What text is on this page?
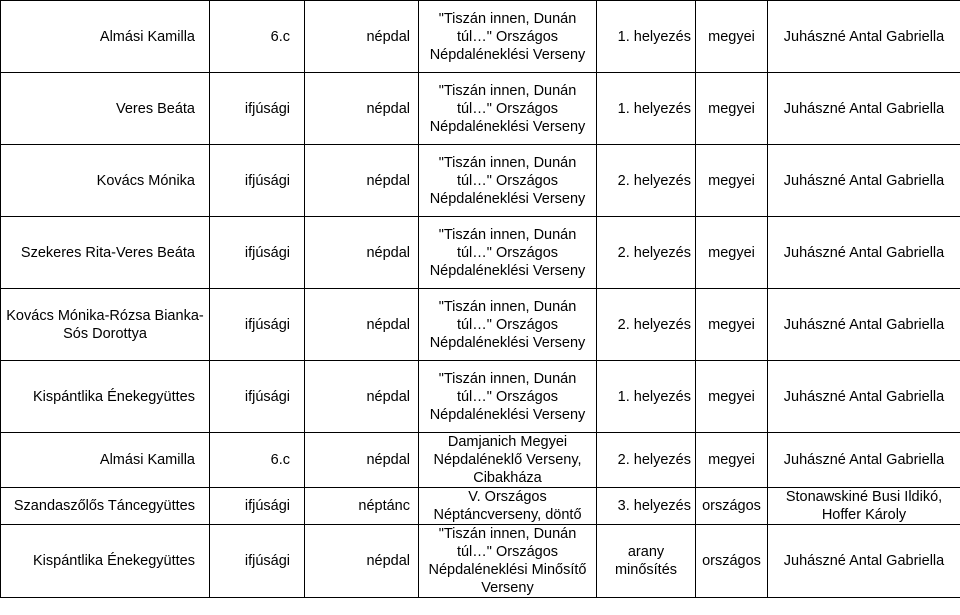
Almási Kamilla	6.c	népdal	"Tiszán innen, Dunán túl…" Országos Népdaléneklési Verseny	1. helyezés	megyei	Juhászné Antal Gabriella
Veres Beáta	ifjúsági	népdal	"Tiszán innen, Dunán túl…" Országos Népdaléneklési Verseny	1. helyezés	megyei	Juhászné Antal Gabriella
Kovács Mónika	ifjúsági	népdal	"Tiszán innen, Dunán túl…" Országos Népdaléneklési Verseny	2. helyezés	megyei	Juhászné Antal Gabriella
Szekeres Rita-Veres Beáta	ifjúsági	népdal	"Tiszán innen, Dunán túl…" Országos Népdaléneklési Verseny	2. helyezés	megyei	Juhászné Antal Gabriella
Kovács Mónika-Rózsa Bianka-Sós Dorottya	ifjúsági	népdal	"Tiszán innen, Dunán túl…" Országos Népdaléneklési Verseny	2. helyezés	megyei	Juhászné Antal Gabriella
Kispántlika Énekegyüttes	ifjúsági	népdal	"Tiszán innen, Dunán túl…" Országos Népdaléneklési Verseny	1. helyezés	megyei	Juhászné Antal Gabriella
Almási Kamilla	6.c	népdal	Damjanich Megyei Népdaléneklő Verseny, Cibakháza	2. helyezés	megyei	Juhászné Antal Gabriella
Szandaszőlős Táncegyüttes	ifjúsági	néptánc	V. Országos Néptáncverseny, döntő	3. helyezés	országos	Stonawskiné Busi Ildikó, Hoffer Károly
Kispántlika Énekegyüttes	ifjúsági	népdal	"Tiszán innen, Dunán túl…" Országos Népdaléneklési Minősítő Verseny	arany minősítés	országos	Juhászné Antal Gabriella
